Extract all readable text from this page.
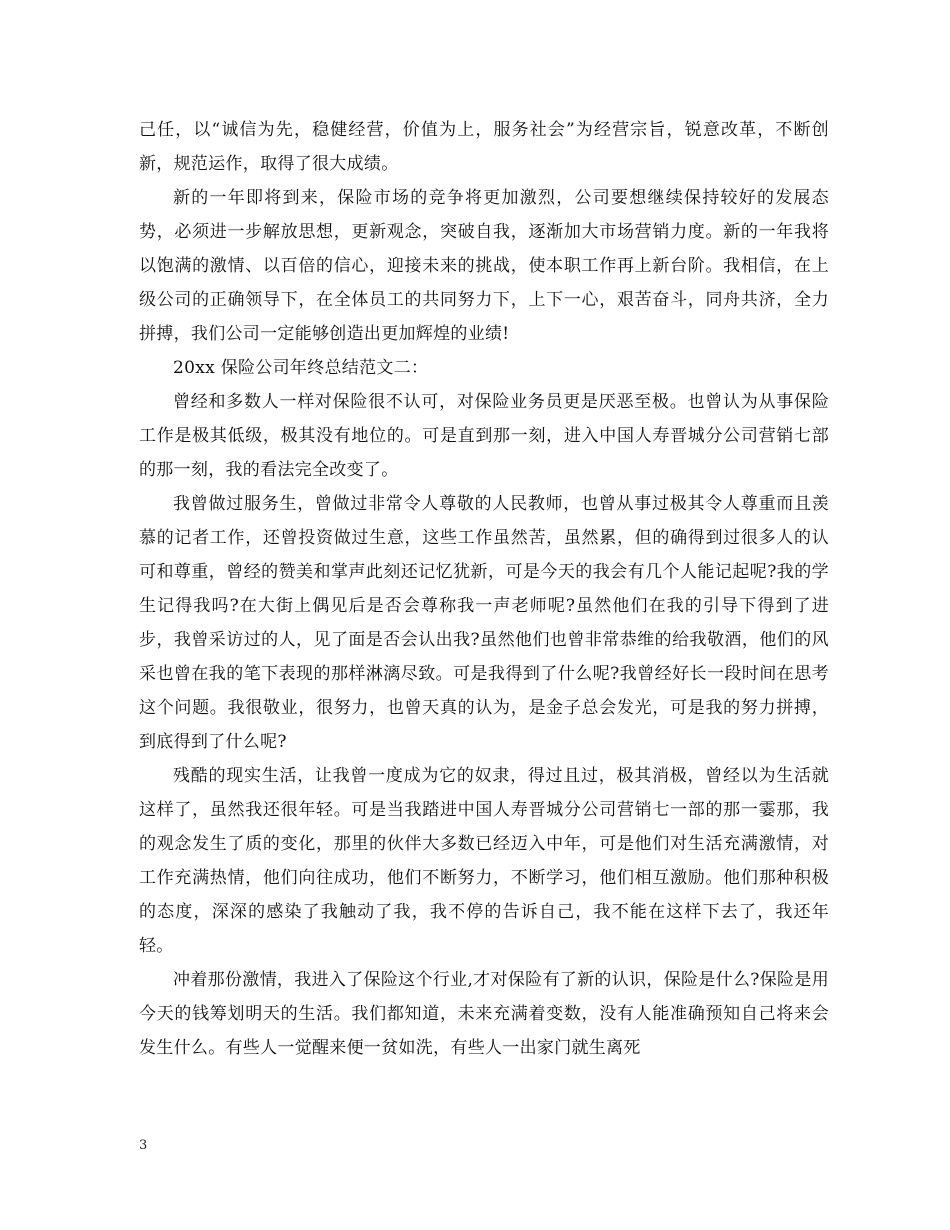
己任，以“诚信为先，稳健经营，价值为上，服务社会”为经营宗旨，锐意改革，不断创新，规范运作，取得了很大成绩。

新的一年即将到来，保险市场的竞争将更加激烈，公司要想继续保持较好的发展态势，必须进一步解放思想，更新观念，突破自我，逐渐加大市场营销力度。新的一年我将以饱满的激情、以百倍的信心，迎接未来的挑战，使本职工作再上新台阶。我相信，在上级公司的正确领导下，在全体员工的共同努力下，上下一心，艰苦奋斗，同舟共济，全力拼搏，我们公司一定能够创造出更加辉煌的业绩!

20xx 保险公司年终总结范文二：

曾经和多数人一样对保险很不认可，对保险业务员更是厌恶至极。也曾认为从事保险工作是极其低级，极其没有地位的。可是直到那一刻，进入中国人寿晋城分公司营销七部的那一刻，我的看法完全改变了。

我曾做过服务生，曾做过非常令人尊敬的人民教师，也曾从事过极其令人尊重而且羡慕的记者工作，还曾投资做过生意，这些工作虽然苦，虽然累，但的确得到过很多人的认可和尊重，曾经的赞美和掌声此刻还记忆犹新，可是今天的我会有几个人能记起呢?我的学生记得我吗?在大街上偶见后是否会尊称我一声老师呢?虽然他们在我的引导下得到了进步，我曾采访过的人，见了面是否会认出我?虽然他们也曾非常恭维的给我敬酒，他们的风采也曾在我的笔下表现的那样淋漓尽致。可是我得到了什么呢?我曾经好长一段时间在思考这个问题。我很敬业，很努力，也曾天真的认为，是金子总会发光，可是我的努力拼搏，到底得到了什么呢?

残酷的现实生活，让我曾一度成为它的奴隶，得过且过，极其消极，曾经以为生活就这样了，虽然我还很年轻。可是当我踏进中国人寿晋城分公司营销七一部的那一霎那，我的观念发生了质的变化，那里的伙伴大多数已经迈入中年，可是他们对生活充满激情，对工作充满热情，他们向往成功，他们不断努力，不断学习，他们相互激励。他们那种积极的态度，深深的感染了我触动了我，我不停的告诉自己，我不能在这样下去了，我还年轻。

冲着那份激情，我进入了保险这个行业,才对保险有了新的认识，保险是什么?保险是用今天的钱筹划明天的生活。我们都知道，未来充满着变数，没有人能准确预知自己将来会发生什么。有些人一觉醒来便一贫如洗，有些人一出家门就生离死

3
